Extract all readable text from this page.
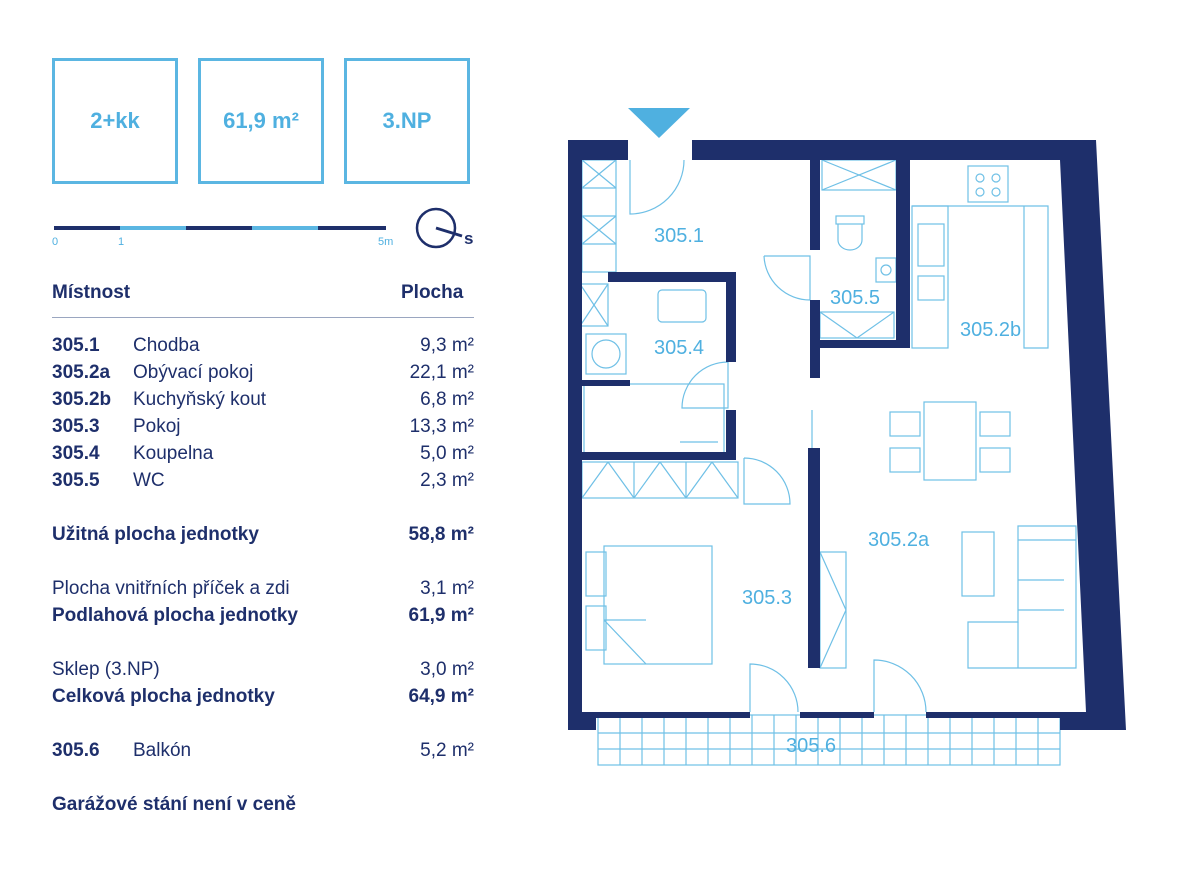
2+kk	61,9 m²	3.NP
0	1	5m	s
Místnost	Plocha
305.1 Chodba	9,3 m²
305.2a Obývací pokoj	22,1 m²
305.2b Kuchyňský kout	6,8 m²
305.3 Pokoj	13,3 m²
305.4 Koupelna	5,0 m²
305.5 WC	2,3 m²
Užitná plocha jednotky	58,8 m²
Plocha vnitřních příček a zdi	3,1 m²
Podlahová plocha jednotky	61,9 m²
Sklep (3.NP)	3,0 m²
Celková plocha jednotky	64,9 m²
305.6 Balkón	5,2 m²
Garážové stání není v ceně
305.1
305.5
305.2b
305.4
305.2a
305.3
305.6
